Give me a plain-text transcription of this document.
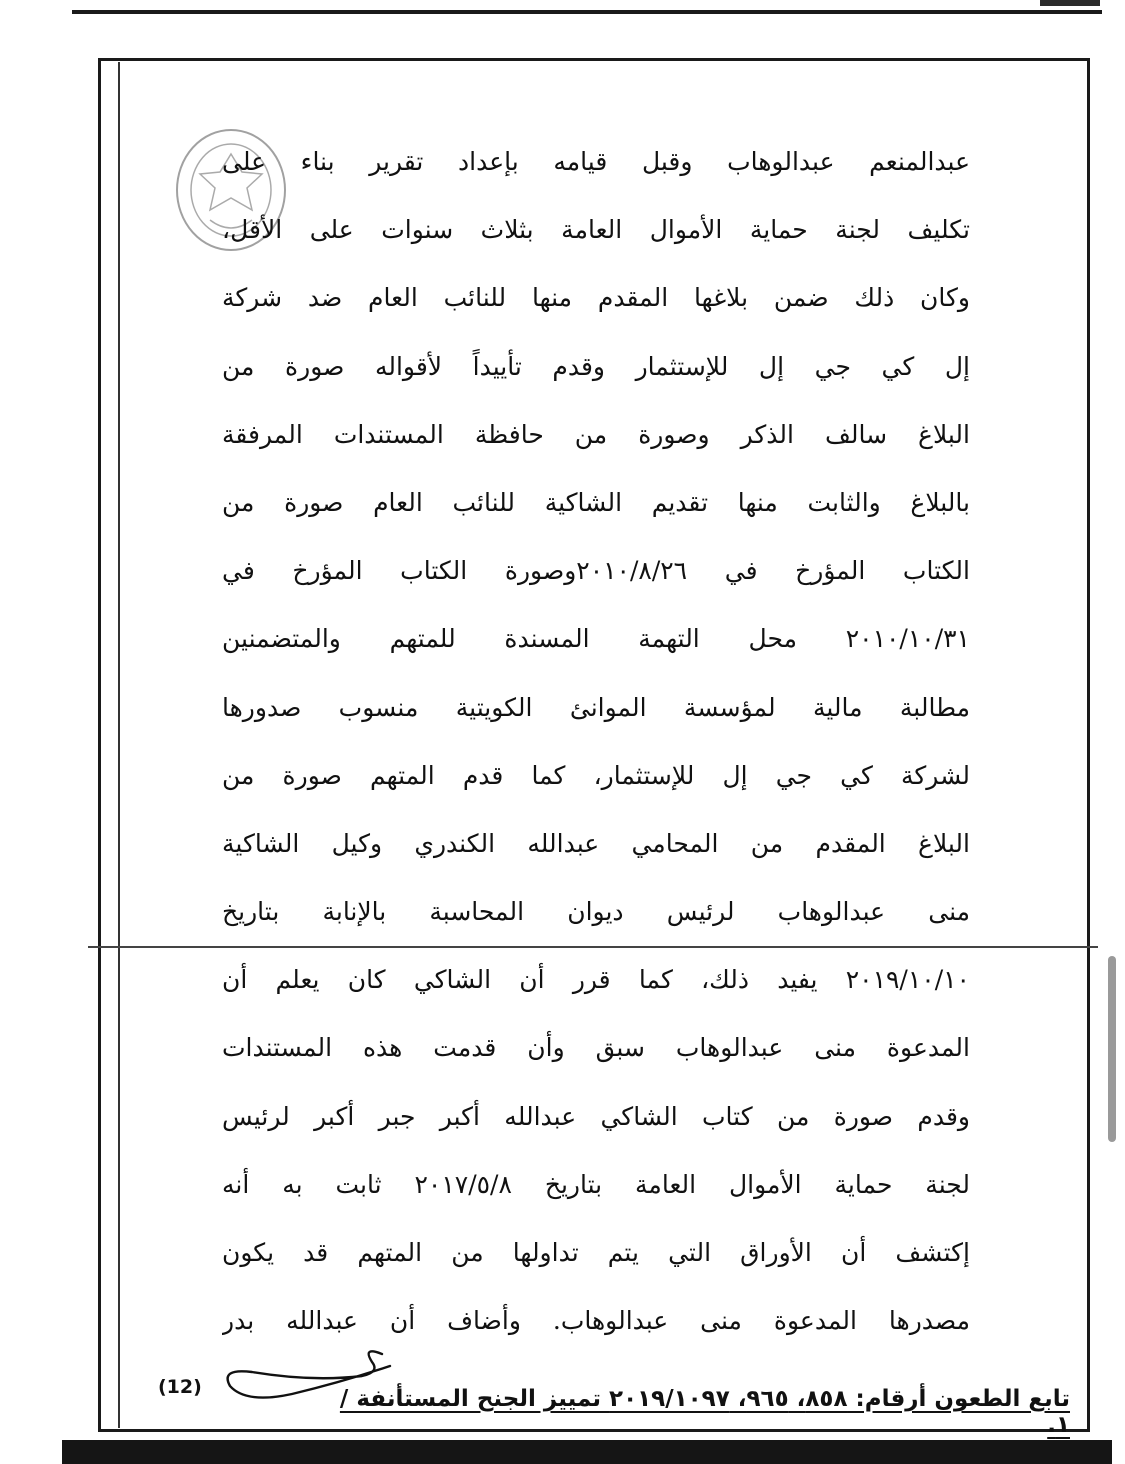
عبدالمنعم عبدالوهاب وقبل قيامه بإعداد تقرير بناء على
تكليف لجنة حماية الأموال العامة بثلاث سنوات على الأقل،
وكان ذلك ضمن بلاغها المقدم منها للنائب العام ضد شركة
إل كي جي إل للإستثمار وقدم تأييداً لأقواله صورة من
البلاغ سالف الذكر وصورة من حافظة المستندات المرفقة
بالبلاغ والثابت منها تقديم الشاكية للنائب العام صورة من
الكتاب المؤرخ في ٢٠١٠/٨/٢٦وصورة الكتاب المؤرخ في
٢٠١٠/١٠/٣١ محل التهمة المسندة للمتهم والمتضمنين
مطالبة مالية لمؤسسة الموانئ الكويتية منسوب صدورها
لشركة كي جي إل للإستثمار، كما قدم المتهم صورة من
البلاغ المقدم من المحامي عبدالله الكندري وكيل الشاكية
منى عبدالوهاب لرئيس ديوان المحاسبة بالإنابة بتاريخ
٢٠١٩/١٠/١٠ يفيد ذلك، كما قرر أن الشاكي كان يعلم أن
المدعوة منى عبدالوهاب سبق وأن قدمت هذه المستندات
وقدم صورة من كتاب الشاكي عبدالله أكبر جبر أكبر لرئيس
لجنة حماية الأموال العامة بتاريخ ٢٠١٧/٥/٨ ثابت به أنه
إكتشف أن الأوراق التي يتم تداولها من المتهم قد يكون
مصدرها المدعوة منى عبدالوهاب. وأضاف أن عبدالله بدر
(12)	تابع الطعون أرقام: ٨٥٨، ٩٦٥، ٢٠١٩/١٠٩٧ تمييز الجنح المستأنفة /١.
